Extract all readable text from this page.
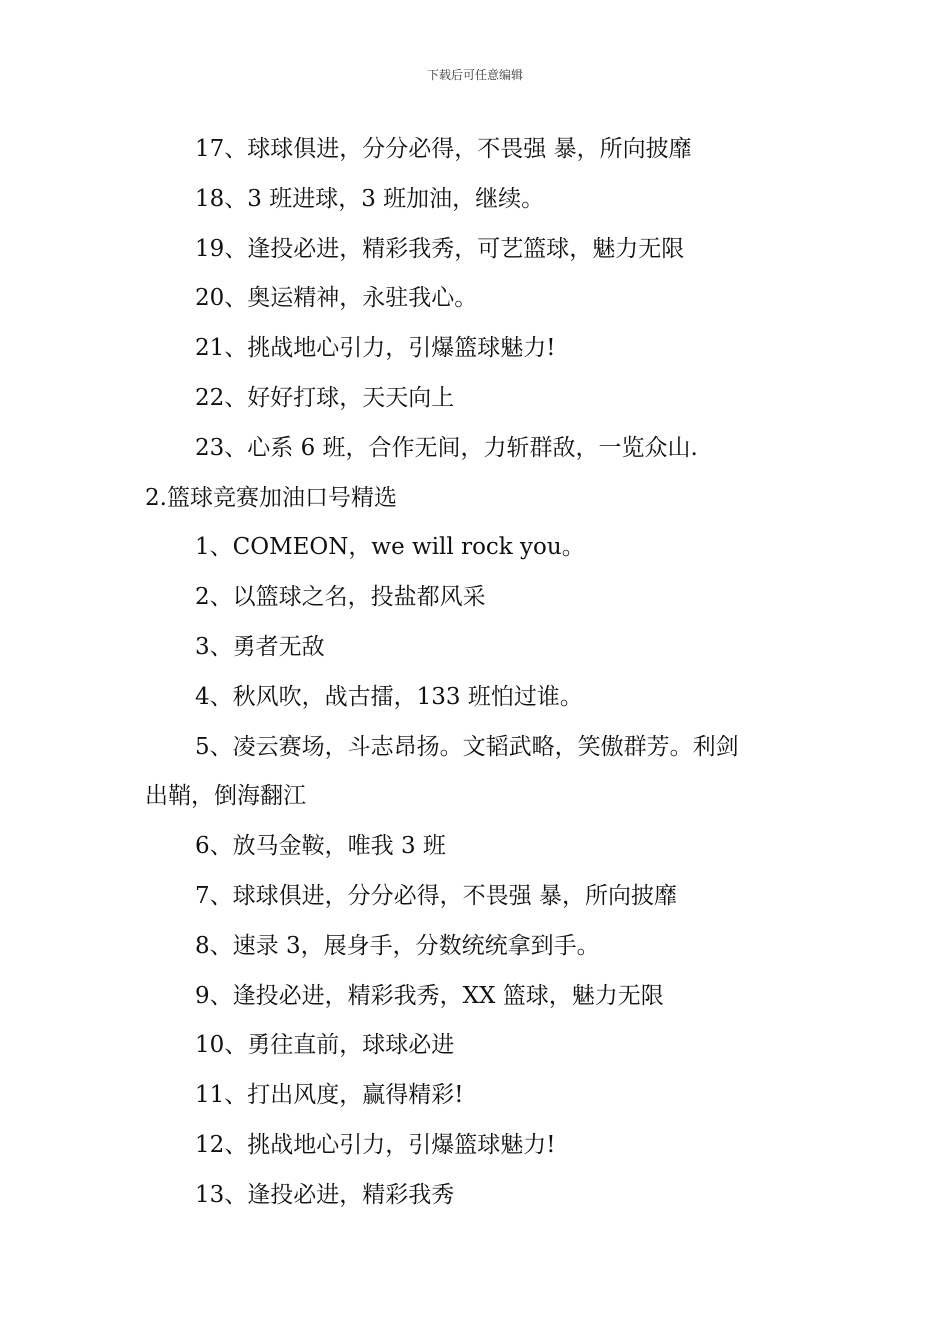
下载后可任意编辑

17、球球俱进，分分必得，不畏强 暴，所向披靡

18、3 班进球，3 班加油，继续。

19、逢投必进，精彩我秀，可艺篮球，魅力无限

20、奥运精神，永驻我心。

21、挑战地心引力，引爆篮球魅力!

22、好好打球，天天向上

23、心系 6 班，合作无间，力斩群敌，一览众山.

2.篮球竞赛加油口号精选

1、COMEON，we will rock you。

2、以篮球之名，投盐都风采

3、勇者无敌

4、秋风吹，战古擂，133 班怕过谁。

5、凌云赛场，斗志昂扬。文韬武略，笑傲群芳。利剑

出鞘，倒海翻江

6、放马金鞍，唯我 3 班

7、球球俱进，分分必得，不畏强 暴，所向披靡

8、速录 3，展身手，分数统统拿到手。

9、逢投必进，精彩我秀，XX 篮球，魅力无限

10、勇往直前，球球必进

11、打出风度，赢得精彩!

12、挑战地心引力，引爆篮球魅力!

13、逢投必进，精彩我秀
